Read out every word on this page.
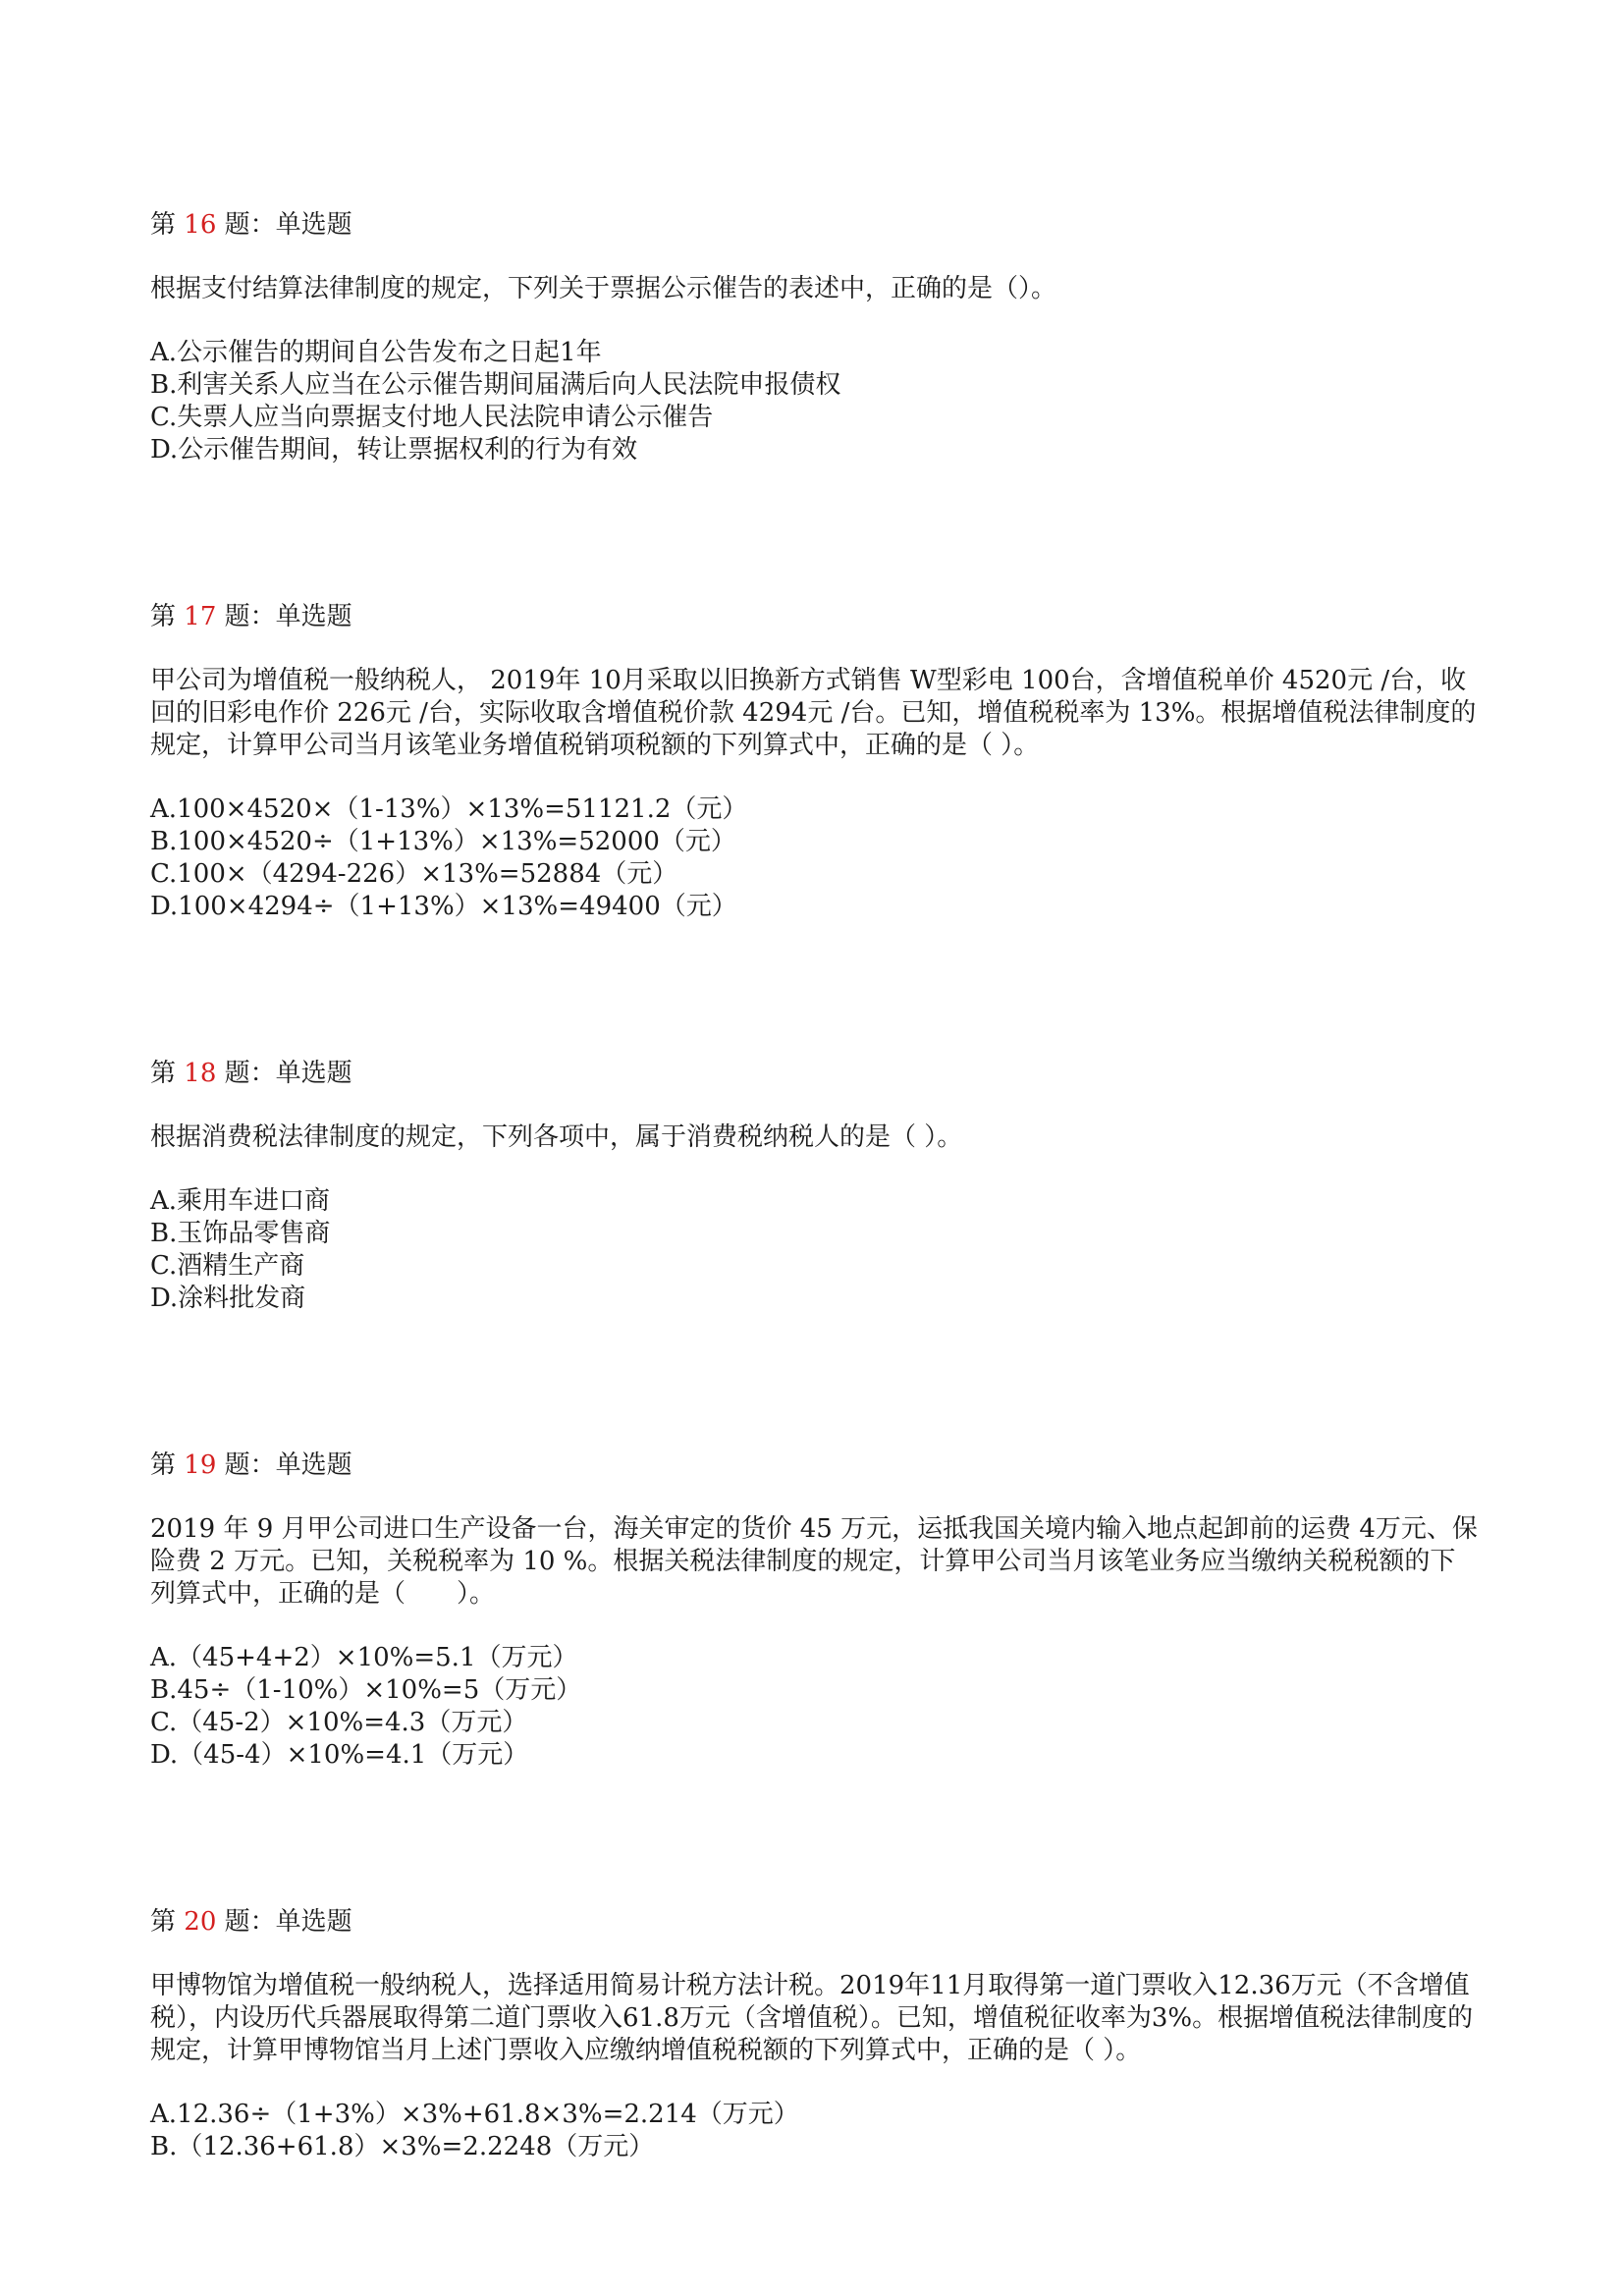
第 16 题：单选题
根据支付结算法律制度的规定，下列关于票据公示催告的表述中，正确的是（）。
A.公示催告的期间自公告发布之日起1年
B.利害关系人应当在公示催告期间届满后向人民法院申报债权
C.失票人应当向票据支付地人民法院申请公示催告
D.公示催告期间，转让票据权利的行为有效
第 17 题：单选题
甲公司为增值税一般纳税人， 2019年 10月采取以旧换新方式销售 W型彩电 100台，含增值税单价 4520元 /台，收回的旧彩电作价 226元 /台，实际收取含增值税价款 4294元 /台。已知，增值税税率为 13%。根据增值税法律制度的规定，计算甲公司当月该笔业务增值税销项税额的下列算式中，正确的是（ ）。
A.100×4520×（1-13%）×13%=51121.2（元）
B.100×4520÷（1+13%）×13%=52000（元）
C.100×（4294-226）×13%=52884（元）
D.100×4294÷（1+13%）×13%=49400（元）
第 18 题：单选题
根据消费税法律制度的规定，下列各项中，属于消费税纳税人的是（ ）。
A.乘用车进口商
B.玉饰品零售商
C.酒精生产商
D.涂料批发商
第 19 题：单选题
2019 年 9 月甲公司进口生产设备一台，海关审定的货价 45 万元，运抵我国关境内输入地点起卸前的运费 4万元、保险费 2 万元。已知，关税税率为 10 %。根据关税法律制度的规定，计算甲公司当月该笔业务应当缴纳关税税额的下列算式中，正确的是（　　）。
A.（45+4+2）×10%=5.1（万元）
B.45÷（1-10%）×10%=5（万元）
C.（45-2）×10%=4.3（万元）
D.（45-4）×10%=4.1（万元）
第 20 题：单选题
甲博物馆为增值税一般纳税人，选择适用简易计税方法计税。2019年11月取得第一道门票收入12.36万元（不含增值税），内设历代兵器展取得第二道门票收入61.8万元（含增值税）。已知，增值税征收率为3%。根据增值税法律制度的规定，计算甲博物馆当月上述门票收入应缴纳增值税税额的下列算式中，正确的是（ ）。
A.12.36÷（1+3%）×3%+61.8×3%=2.214（万元）
B.（12.36+61.8）×3%=2.2248（万元）
